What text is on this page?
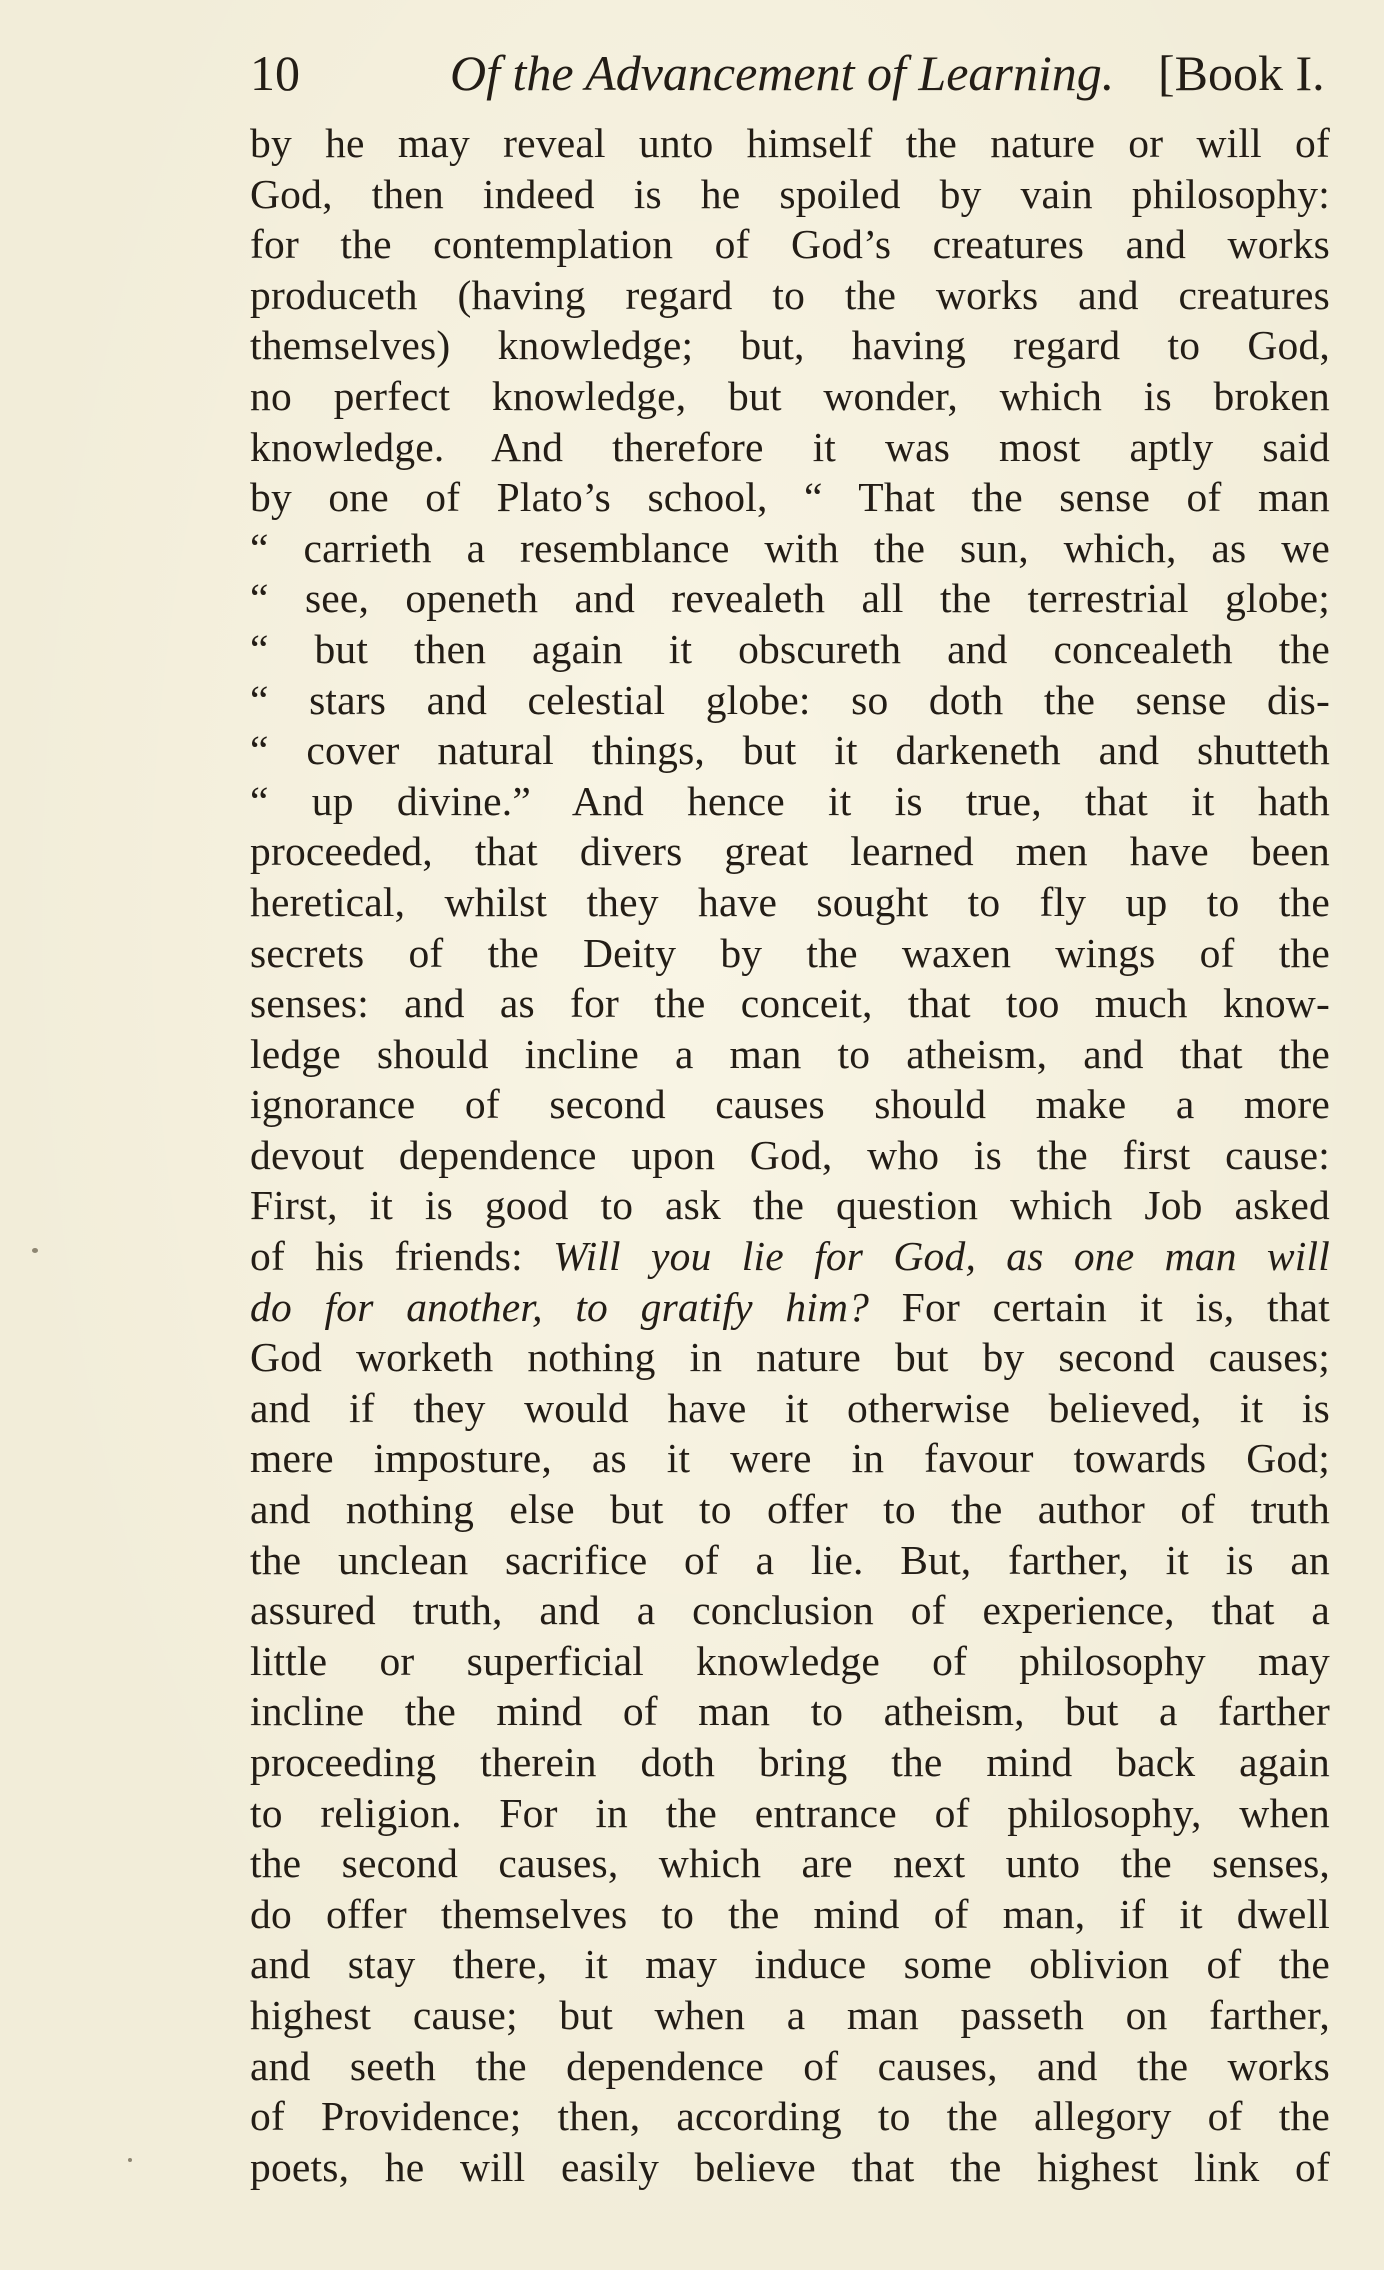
10	Of the Advancement of Learning. [Book I.
by he may reveal unto himself the nature or will of
God, then indeed is he spoiled by vain philosophy:
for the contemplation of God’s creatures and works
produceth (having regard to the works and creatures
themselves) knowledge; but, having regard to God,
no perfect knowledge, but wonder, which is broken
knowledge. And therefore it was most aptly said
by one of Plato’s school, “ That the sense of man
“ carrieth a resemblance with the sun, which, as we
“ see, openeth and revealeth all the terrestrial globe;
“ but then again it obscureth and concealeth the
“ stars and celestial globe: so doth the sense dis-
“ cover natural things, but it darkeneth and shutteth
“ up divine.” And hence it is true, that it hath
proceeded, that divers great learned men have been
heretical, whilst they have sought to fly up to the
secrets of the Deity by the waxen wings of the
senses: and as for the conceit, that too much know-
ledge should incline a man to atheism, and that the
ignorance of second causes should make a more
devout dependence upon God, who is the first cause:
First, it is good to ask the question which Job asked
of his friends: Will you lie for God, as one man will
do for another, to gratify him? For certain it is, that
God worketh nothing in nature but by second causes;
and if they would have it otherwise believed, it is
mere imposture, as it were in favour towards God;
and nothing else but to offer to the author of truth
the unclean sacrifice of a lie. But, farther, it is an
assured truth, and a conclusion of experience, that a
little or superficial knowledge of philosophy may
incline the mind of man to atheism, but a farther
proceeding therein doth bring the mind back again
to religion. For in the entrance of philosophy, when
the second causes, which are next unto the senses,
do offer themselves to the mind of man, if it dwell
and stay there, it may induce some oblivion of the
highest cause; but when a man passeth on farther,
and seeth the dependence of causes, and the works
of Providence; then, according to the allegory of the
poets, he will easily believe that the highest link of
